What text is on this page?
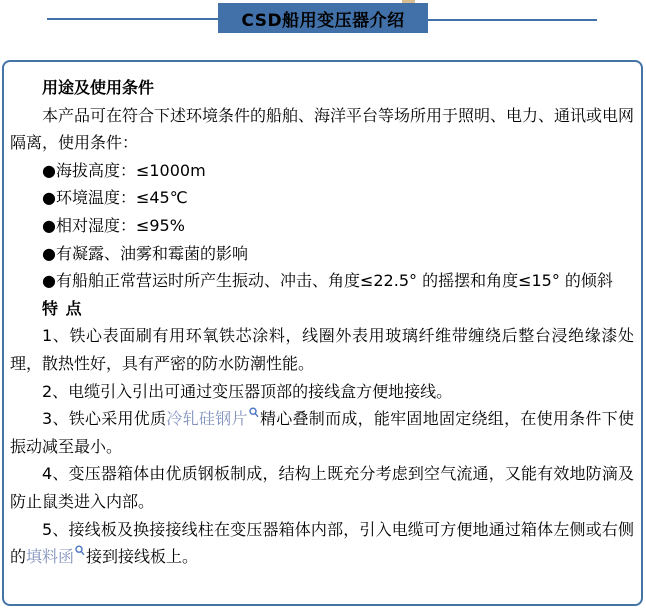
CSD船用变压器介绍

用途及使用条件

本产品可在符合下述环境条件的船舶、海洋平台等场所用于照明、电力、通讯或电网隔离，使用条件：

●海拔高度：≤1000m

●环境温度：≤45℃

●相对湿度：≤95%

●有凝露、油雾和霉菌的影响

●有船舶正常营运时所产生振动、冲击、角度≤22.5° 的摇摆和角度≤15° 的倾斜

特 点

1、铁心表面刷有用环氧铁芯涂料，线圈外表用玻璃纤维带缠绕后整台浸绝缘漆处理，散热性好，具有严密的防水防潮性能。

2、电缆引入引出可通过变压器顶部的接线盒方便地接线。

3、铁心采用优质冷轧硅钢片 精心叠制而成，能牢固地固定绕组，在使用条件下使振动减至最小。

4、变压器箱体由优质钢板制成，结构上既充分考虑到空气流通，又能有效地防滴及防止鼠类进入内部。

5、接线板及换接接线柱在变压器箱体内部，引入电缆可方便地通过箱体左侧或右侧的填料函 接到接线板上。
